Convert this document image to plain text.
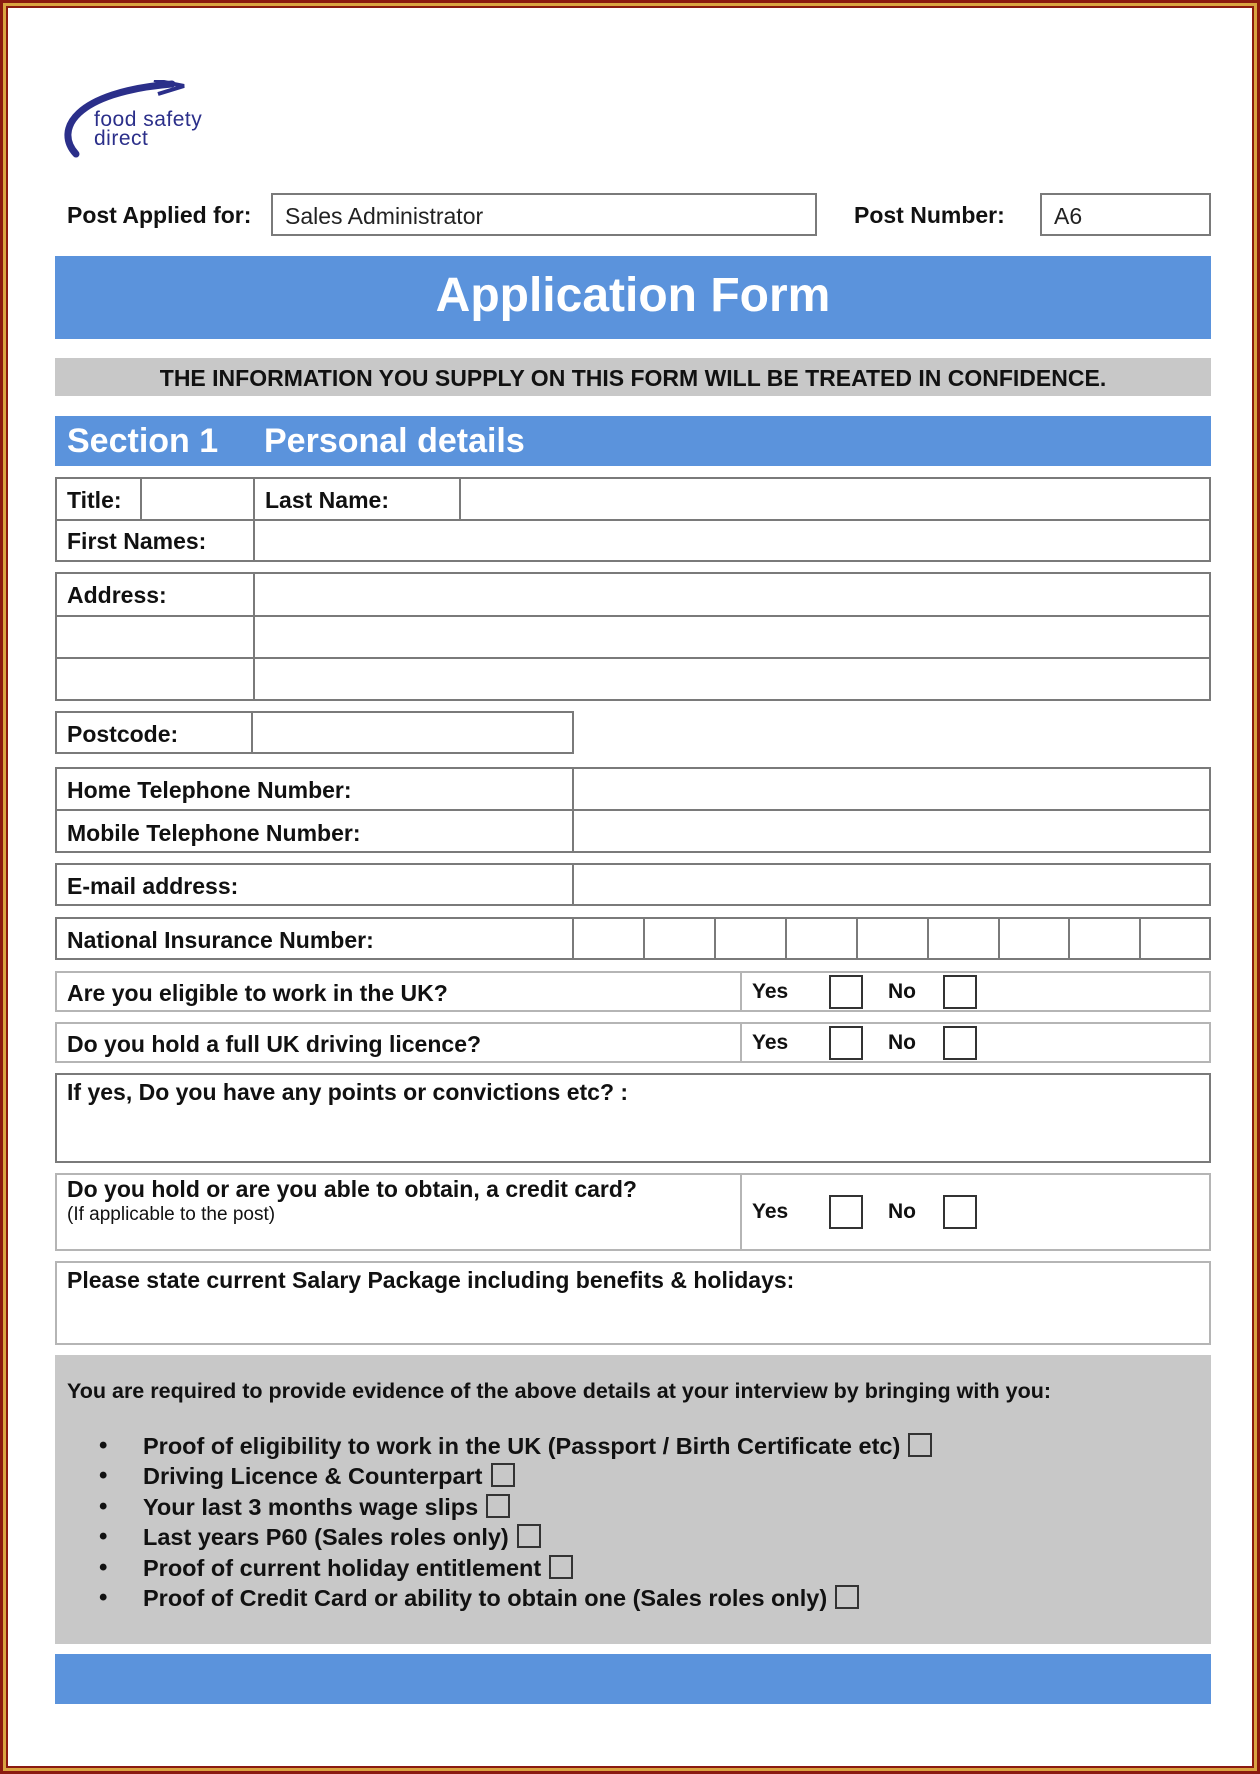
food safety
direct
Post Applied for: Sales Administrator	Post Number: A6
Application Form
THE INFORMATION YOU SUPPLY ON THIS FORM WILL BE TREATED IN CONFIDENCE.
Section 1 Personal details
Title:	Last Name:
First Names:
Address:
Postcode:
Home Telephone Number:
Mobile Telephone Number:
E-mail address:
National Insurance Number:
Are you eligible to work in the UK?	Yes	No
Do you hold a full UK driving licence?	Yes	No
If yes, Do you have any points or convictions etc? :
Do you hold or are you able to obtain, a credit card?
(If applicable to the post)	Yes	No
Please state current Salary Package including benefits & holidays:
You are required to provide evidence of the above details at your interview by bringing with you:
• Proof of eligibility to work in the UK (Passport / Birth Certificate etc)
• Driving Licence & Counterpart
• Your last 3 months wage slips
• Last years P60 (Sales roles only)
• Proof of current holiday entitlement
• Proof of Credit Card or ability to obtain one (Sales roles only)
